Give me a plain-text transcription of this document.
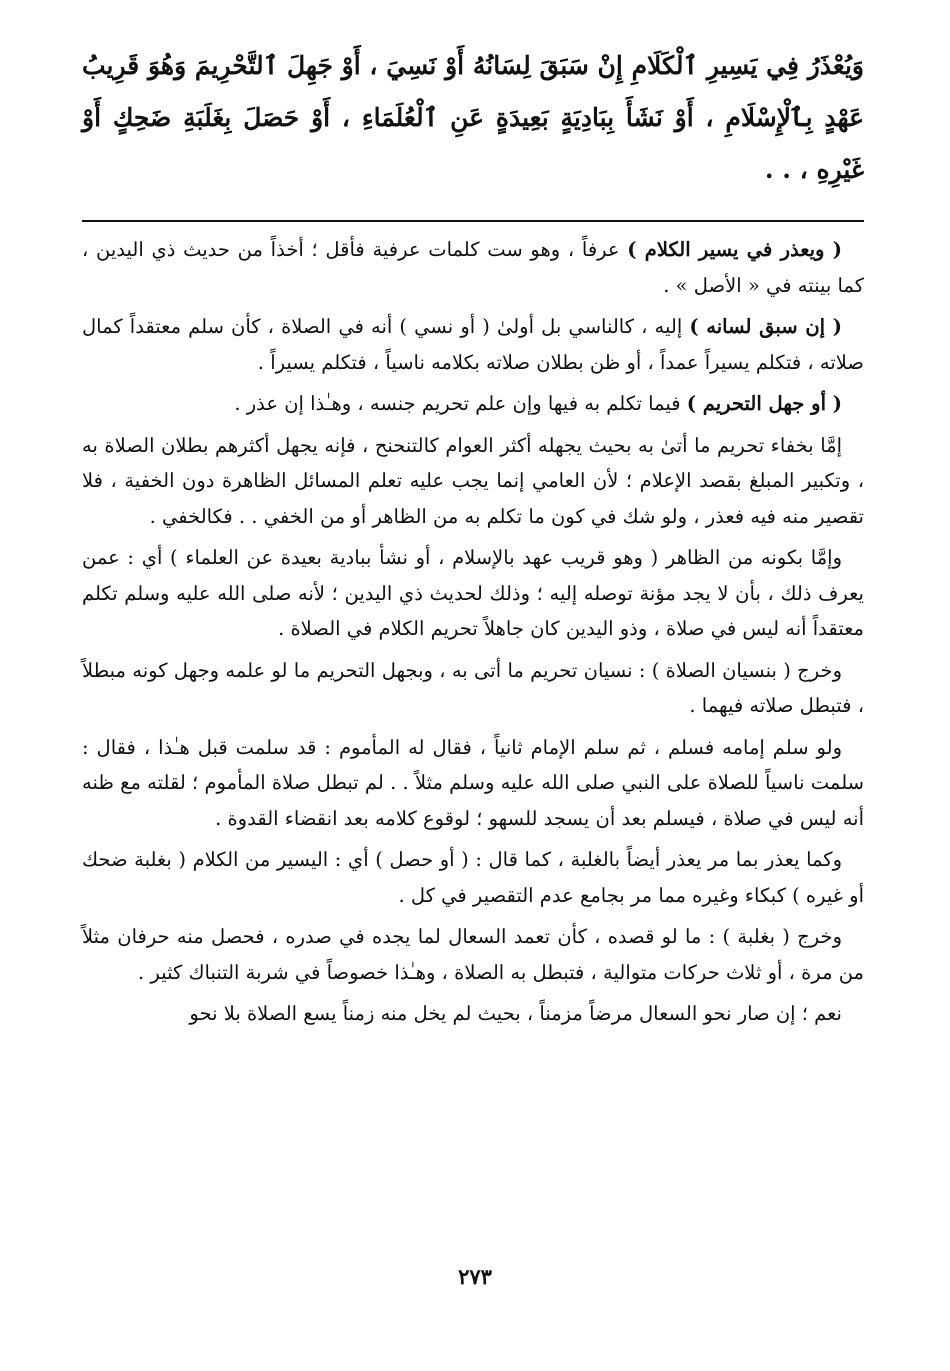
وَيُعْذَرُ فِي يَسِيرِ ٱلْكَلَامِ إِنْ سَبَقَ لِسَانُهُ أَوْ نَسِيَ ، أَوْ جَهِلَ ٱلتَّحْرِيمَ وَهُوَ قَرِيبُ عَهْدٍ بِٱلْإِسْلَامِ ، أَوْ نَشَأَ بِبَادِيَةٍ بَعِيدَةٍ عَنِ ٱلْعُلَمَاءِ ، أَوْ حَصَلَ بِغَلَبَةِ ضَحِكٍ أَوْ غَيْرِهِ ، . .

( ويعذر في يسير الكلام ) عرفاً ، وهو ست كلمات عرفية فأقل ؛ أخذاً من حديث ذي اليدين ، كما بينته في « الأصل » .

( إن سبق لسانه ) إليه ، كالناسي بل أولىٰ ( أو نسي ) أنه في الصلاة ، كأن سلم معتقداً كمال صلاته ، فتكلم يسيراً عمداً ، أو ظن بطلان صلاته بكلامه ناسياً ، فتكلم يسيراً .

( أو جهل التحريم ) فيما تكلم به فيها وإن علم تحريم جنسه ، وهـٰذا إن عذر .

إمَّا بخفاء تحريم ما أتىٰ به بحيث يجهله أكثر العوام كالتنحنح ، فإنه يجهل أكثرهم بطلان الصلاة به ، وتكبير المبلغ بقصد الإعلام ؛ لأن العامي إنما يجب عليه تعلم المسائل الظاهرة دون الخفية ، فلا تقصير منه فيه فعذر ، ولو شك في كون ما تكلم به من الظاهر أو من الخفي . . فكالخفي .

وإمَّا بكونه من الظاهر ( وهو قريب عهد بالإسلام ، أو نشأ ببادية بعيدة عن العلماء ) أي : عمن يعرف ذلك ، بأن لا يجد مؤنة توصله إليه ؛ وذلك لحديث ذي اليدين ؛ لأنه صلى الله عليه وسلم تكلم معتقداً أنه ليس في صلاة ، وذو اليدين كان جاهلاً تحريم الكلام في الصلاة .

وخرج ( بنسيان الصلاة ) : نسيان تحريم ما أتى به ، وبجهل التحريم ما لو علمه وجهل كونه مبطلاً ، فتبطل صلاته فيهما .

ولو سلم إمامه فسلم ، ثم سلم الإمام ثانياً ، فقال له المأموم : قد سلمت قبل هـٰذا ، فقال : سلمت ناسياً للصلاة على النبي صلى الله عليه وسلم مثلاً . . لم تبطل صلاة المأموم ؛ لقلته مع ظنه أنه ليس في صلاة ، فيسلم بعد أن يسجد للسهو ؛ لوقوع كلامه بعد انقضاء القدوة .

وكما يعذر بما مر يعذر أيضاً بالغلبة ، كما قال : ( أو حصل ) أي : اليسير من الكلام ( بغلبة ضحك أو غيره ) كبكاء وغيره مما مر بجامع عدم التقصير في كل .

وخرج ( بغلبة ) : ما لو قصده ، كأن تعمد السعال لما يجده في صدره ، فحصل منه حرفان مثلاً من مرة ، أو ثلاث حركات متوالية ، فتبطل به الصلاة ، وهـٰذا خصوصاً في شربة التنباك كثير .

نعم ؛ إن صار نحو السعال مرضاً مزمناً ، بحيث لم يخل منه زمناً يسع الصلاة بلا نحو

٢٧٣
